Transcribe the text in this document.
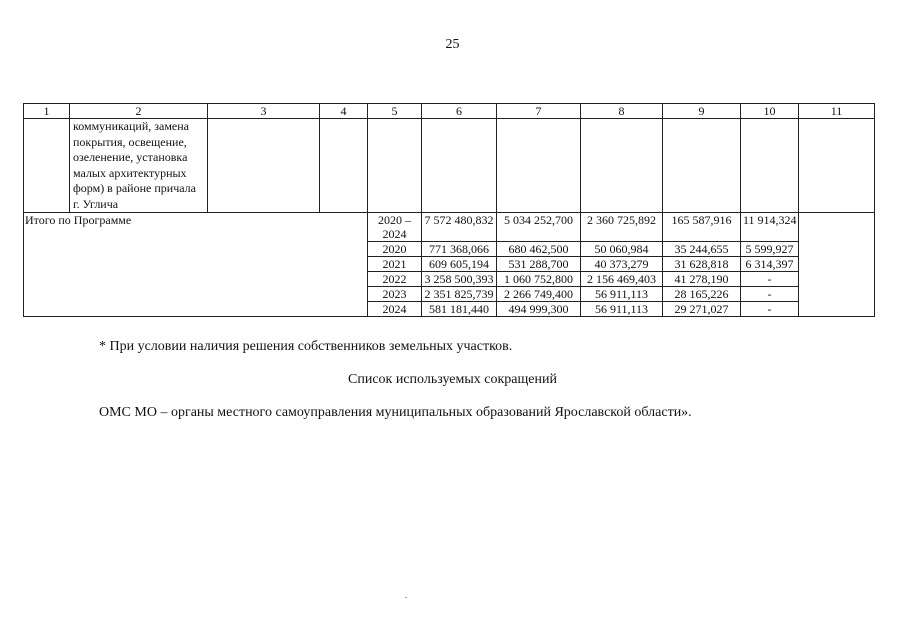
25
1	2	3	4	5	6	7	8	9	10	11
	коммуникаций, замена покрытия, освещение, озеленение, установка малых архитектурных форм) в районе причала г. Углича									
Итого по Программе				2020 – 2024	7 572 480,832	5 034 252,700	2 360 725,892	165 587,916	11 914,324	
				2020	771 368,066	680 462,500	50 060,984	35 244,655	5 599,927	
				2021	609 605,194	531 288,700	40 373,279	31 628,818	6 314,397	
				2022	3 258 500,393	1 060 752,800	2 156 469,403	41 278,190	-	
				2023	2 351 825,739	2 266 749,400	56 911,113	28 165,226	-	
				2024	581 181,440	494 999,300	56 911,113	29 271,027	-	
* При условии наличия решения собственников земельных участков.
Список используемых сокращений
ОМС МО – органы местного самоуправления муниципальных образований Ярославской области».
